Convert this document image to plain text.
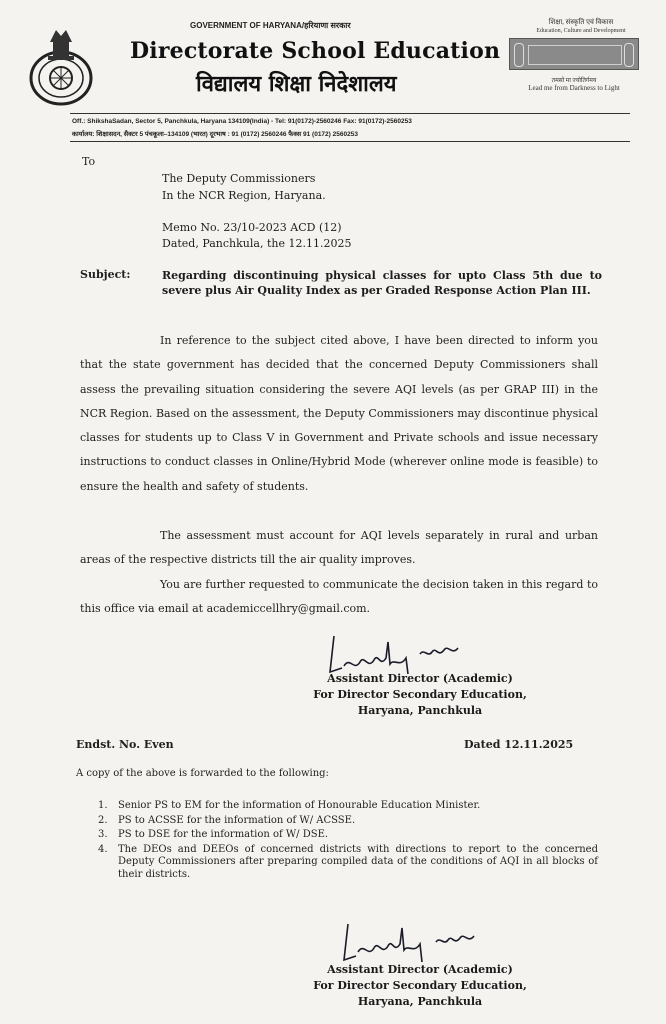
GOVERNMENT OF HARYANA/हरियाणा सरकार
Directorate School Education
विद्यालय शिक्षा निदेशालय
शिक्षा, संस्कृति एवं विकास
Education, Culture and Development
तमसो मा ज्योतिर्गमय
Lead me from Darkness to Light
Off.: ShikshaSadan, Sector 5, Panchkula, Haryana 134109(India) - Tel: 91(0172)-2560246 Fax: 91(0172)-2560253
कार्यालय: शिक्षासदन, सैक्टर 5 पंचकूला–134109 (भारत) दूरभाष : 91 (0172) 2560246 फैक्स 91 (0172) 2560253
To
The Deputy Commissioners
In the NCR Region, Haryana.
Memo No. 23/10-2023 ACD (12)
Dated, Panchkula, the 12.11.2025
Subject:	Regarding discontinuing physical classes for upto Class 5th due to severe plus Air Quality Index as per Graded Response Action Plan III.
In reference to the subject cited above, I have been directed to inform you that the state government has decided that the concerned Deputy Commissioners shall assess the prevailing situation considering the severe AQI levels (as per GRAP III) in the NCR Region. Based on the assessment, the Deputy Commissioners may discontinue physical classes for students up to Class V in Government and Private schools and issue necessary instructions to conduct classes in Online/Hybrid Mode (wherever online mode is feasible) to ensure the health and safety of students.
The assessment must account for AQI levels separately in rural and urban areas of the respective districts till the air quality improves.
You are further requested to communicate the decision taken in this regard to this office via email at academiccellhry@gmail.com.
Assistant Director (Academic)
For Director Secondary Education,
Haryana, Panchkula
Endst. No. Even	Dated 12.11.2025
A copy of the above is forwarded to the following:
1.	Senior PS to EM for the information of Honourable Education Minister.
2.	PS to ACSSE for the information of W/ ACSSE.
3.	PS to DSE for the information of W/ DSE.
4.	The DEOs and DEEOs of concerned districts with directions to report to the concerned Deputy Commissioners after preparing compiled data of the conditions of AQI in all blocks of their districts.
Assistant Director (Academic)
For Director Secondary Education,
Haryana, Panchkula
